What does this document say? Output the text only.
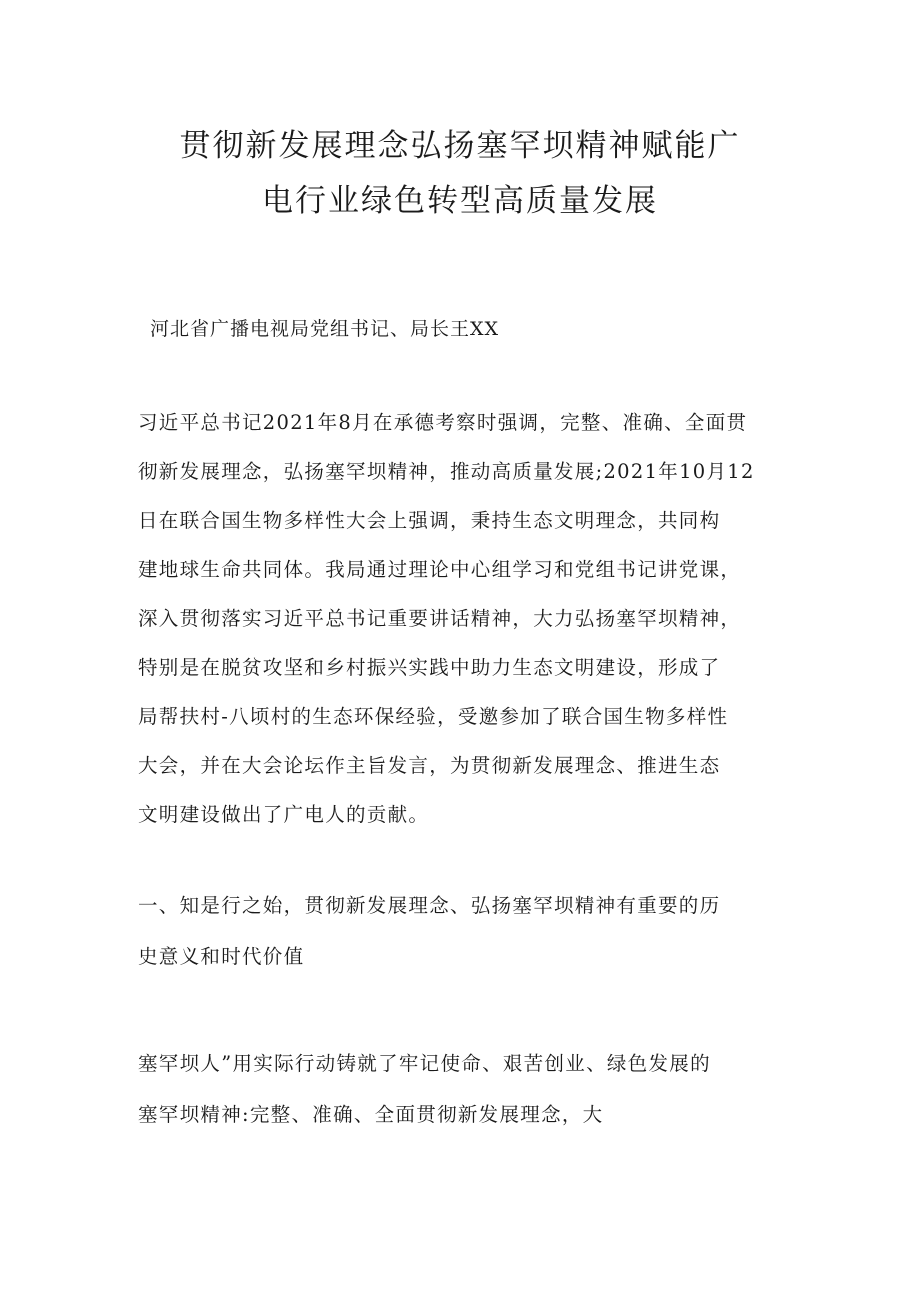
贯彻新发展理念弘扬塞罕坝精神赋能广
电行业绿色转型高质量发展
河北省广播电视局党组书记、局长王XX
习近平总书记2021年8月在承德考察时强调，完整、准确、全面贯
彻新发展理念，弘扬塞罕坝精神，推动高质量发展;2021年10月12
日在联合国生物多样性大会上强调，秉持生态文明理念，共同构
建地球生命共同体。我局通过理论中心组学习和党组书记讲党课，
深入贯彻落实习近平总书记重要讲话精神，大力弘扬塞罕坝精神，
特别是在脱贫攻坚和乡村振兴实践中助力生态文明建设，形成了
局帮扶村-八顷村的生态环保经验，受邀参加了联合国生物多样性
大会，并在大会论坛作主旨发言，为贯彻新发展理念、推进生态
文明建设做出了广电人的贡献。
一、知是行之始，贯彻新发展理念、弘扬塞罕坝精神有重要的历
史意义和时代价值
塞罕坝人”用实际行动铸就了牢记使命、艰苦创业、绿色发展的
塞罕坝精神:完整、准确、全面贯彻新发展理念，大
